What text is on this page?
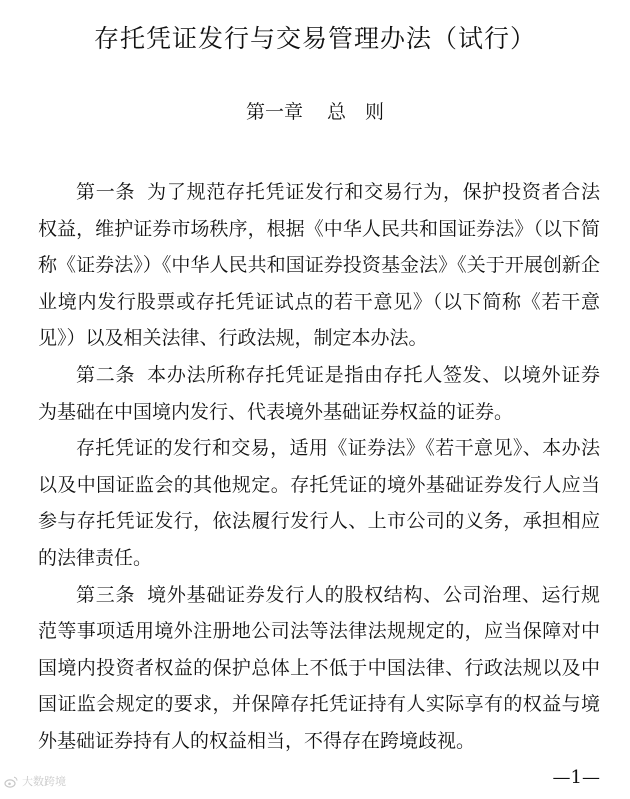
存托凭证发行与交易管理办法（试行）
第一章 总　则

第一条 为了规范存托凭证发行和交易行为，保护投资者合法权益，维护证券市场秩序，根据《中华人民共和国证券法》（以下简称《证券法》）《中华人民共和国证券投资基金法》《关于开展创新企业境内发行股票或存托凭证试点的若干意见》（以下简称《若干意见》）以及相关法律、行政法规，制定本办法。

第二条 本办法所称存托凭证是指由存托人签发、以境外证券为基础在中国境内发行、代表境外基础证券权益的证券。

存托凭证的发行和交易，适用《证券法》《若干意见》、本办法以及中国证监会的其他规定。存托凭证的境外基础证券发行人应当参与存托凭证发行，依法履行发行人、上市公司的义务，承担相应的法律责任。

第三条 境外基础证券发行人的股权结构、公司治理、运行规范等事项适用境外注册地公司法等法律法规规定的，应当保障对中国境内投资者权益的保护总体上不低于中国法律、行政法规以及中国证监会规定的要求，并保障存托凭证持有人实际享有的权益与境外基础证券持有人的权益相当，不得存在跨境歧视。

—1—
大数跨境
